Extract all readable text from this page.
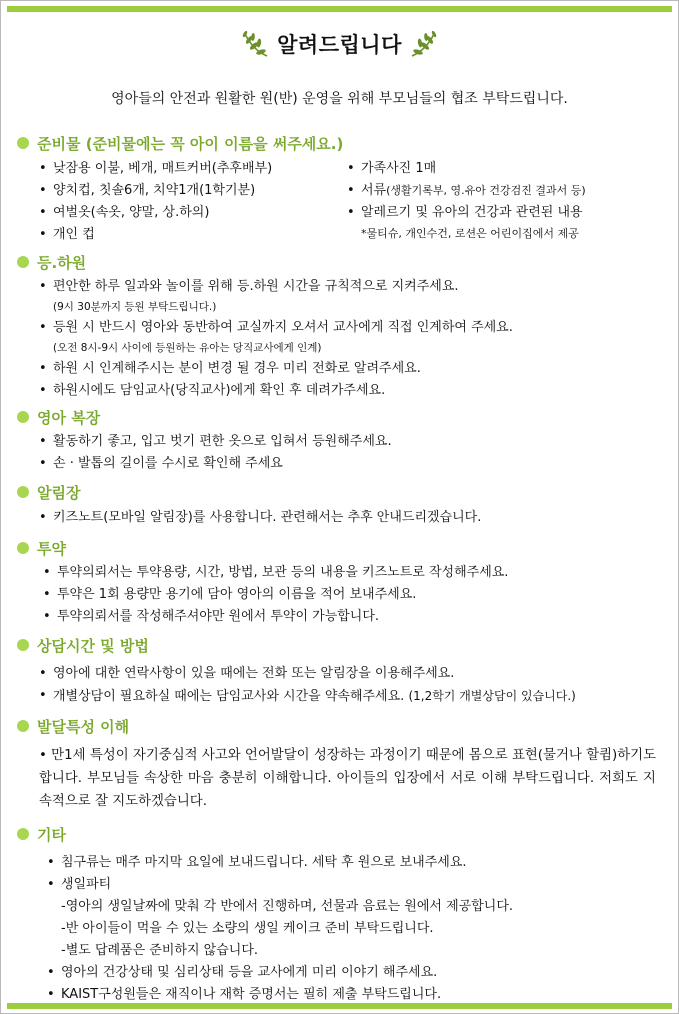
알려드립니다
영아들의 안전과 원활한 원(반) 운영을 위해 부모님들의 협조 부탁드립니다.
준비물 (준비물에는 꼭 아이 이름을 써주세요.)
• 낮잠용 이불, 베개, 매트커버(추후배부)
• 양치컵, 칫솔6개, 치약1개(1학기분)
• 여벌옷(속옷, 양말, 상.하의)
• 개인 컵
• 가족사진 1매
• 서류(생활기록부, 영.유아 건강검진 결과서 등)
• 알레르기 및 유아의 건강과 관련된 내용
*물티슈, 개인수건, 로션은 어린이집에서 제공
등.하원
• 편안한 하루 일과와 놀이를 위해 등.하원 시간을 규칙적으로 지켜주세요.
(9시 30분까지 등원 부탁드립니다.)
• 등원 시 반드시 영아와 동반하여 교실까지 오셔서 교사에게 직접 인계하여 주세요.
(오전 8시-9시 사이에 등원하는 유아는 당직교사에게 인계)
• 하원 시 인계해주시는 분이 변경 될 경우 미리 전화로 알려주세요.
• 하원시에도 담임교사(당직교사)에게 확인 후 데려가주세요.
영아 복장
• 활동하기 좋고, 입고 벗기 편한 옷으로 입혀서 등원해주세요.
• 손 · 발톱의 길이를 수시로 확인해 주세요
알림장
• 키즈노트(모바일 알림장)를 사용합니다. 관련해서는 추후 안내드리겠습니다.
투약
• 투약의뢰서는 투약용량, 시간, 방법, 보관 등의 내용을 키즈노트로 작성해주세요.
• 투약은 1회 용량만 용기에 담아 영아의 이름을 적어 보내주세요.
• 투약의뢰서를 작성해주셔야만 원에서 투약이 가능합니다.
상담시간 및 방법
• 영아에 대한 연락사항이 있을 때에는 전화 또는 알림장을 이용해주세요.
• 개별상담이 필요하실 때에는 담임교사와 시간을 약속해주세요. (1,2학기 개별상담이 있습니다.)
발달특성 이해
• 만1세 특성이 자기중심적 사고와 언어발달이 성장하는 과정이기 때문에 몸으로 표현(물거나 할큄)하기도 합니다. 부모님들 속상한 마음 충분히 이해합니다. 아이들의 입장에서 서로 이해 부탁드립니다. 저희도 지속적으로 잘 지도하겠습니다.
기타
• 침구류는 매주 마지막 요일에 보내드립니다. 세탁 후 원으로 보내주세요.
• 생일파티
-영아의 생일날짜에 맞춰 각 반에서 진행하며, 선물과 음료는 원에서 제공합니다.
-반 아이들이 먹을 수 있는 소량의 생일 케이크 준비 부탁드립니다.
-별도 답례품은 준비하지 않습니다.
• 영아의 건강상태 및 심리상태 등을 교사에게 미리 이야기 해주세요.
• KAIST구성원들은 재직이나 재학 증명서는 필히 제출 부탁드립니다.
